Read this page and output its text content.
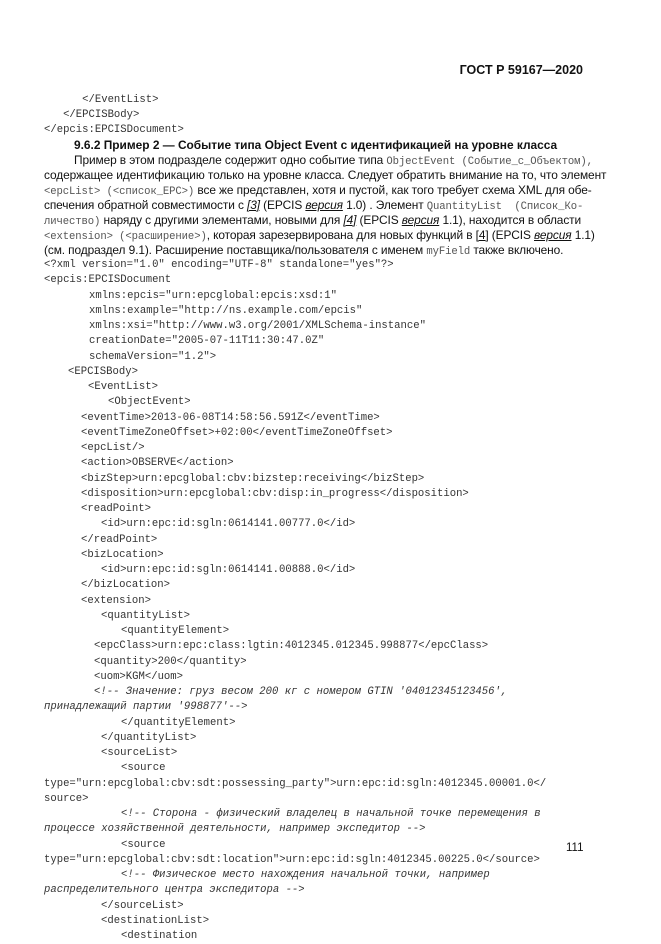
ГОСТ Р 59167—2020
</EventList>
</EPCISBody>
</epcis:EPCISDocument>
9.6.2 Пример 2 — Событие типа Object Event с идентификацией на уровне класса
Пример в этом подразделе содержит одно событие типа ObjectEvent (Событие_с_Объектом),
содержащее идентификацию только на уровне класса. Следует обратить внимание на то, что элемент
<epcList> (<список_EPC>) все же представлен, хотя и пустой, как того требует схема XML для обе-
спечения обратной совместимости с [3] (EPCIS версия 1.0) . Элемент QuantityList  (Список_Ко-
личество) наряду с другими элементами, новыми для [4] (EPCIS версия 1.1), находится в области
<extension> (<расширение>), которая зарезервирована для новых функций в [4] (EPCIS версия 1.1)
(см. подраздел 9.1). Расширение поставщика/пользователя с именем myField также включено.
<?xml version="1.0" encoding="UTF-8" standalone="yes"?>
<epcis:EPCISDocument
xmlns:epcis="urn:epcglobal:epcis:xsd:1"
xmlns:example="http://ns.example.com/epcis"
xmlns:xsi="http://www.w3.org/2001/XMLSchema-instance"
creationDate="2005-07-11T11:30:47.0Z"
schemaVersion="1.2">
<EPCISBody>
<EventList>
<ObjectEvent>
<eventTime>2013-06-08T14:58:56.591Z</eventTime>
<eventTimeZoneOffset>+02:00</eventTimeZoneOffset>
<epcList/>
<action>OBSERVE</action>
<bizStep>urn:epcglobal:cbv:bizstep:receiving</bizStep>
<disposition>urn:epcglobal:cbv:disp:in_progress</disposition>
<readPoint>
<id>urn:epc:id:sgln:0614141.00777.0</id>
</readPoint>
<bizLocation>
<id>urn:epc:id:sgln:0614141.00888.0</id>
</bizLocation>
<extension>
<quantityList>
<quantityElement>
<epcClass>urn:epc:class:lgtin:4012345.012345.998877</epcClass>
<quantity>200</quantity>
<uom>KGM</uom>
<!-- Значение: груз весом 200 кг с номером GTIN '04012345123456',
принадлежащий партии '998877'-->
</quantityElement>
</quantityList>
<sourceList>
<source
type="urn:epcglobal:cbv:sdt:possessing_party">urn:epc:id:sgln:4012345.00001.0</
source>
<!-- Сторона - физический владелец в начальной точке перемещения в
процессе хозяйственной деятельности, например экспедитор -->
<source
type="urn:epcglobal:cbv:sdt:location">urn:epc:id:sgln:4012345.00225.0</source>
<!-- Физическое место нахождения начальной точки, например
распределительного центра экспедитора -->
</sourceList>
<destinationList>
<destination
111
